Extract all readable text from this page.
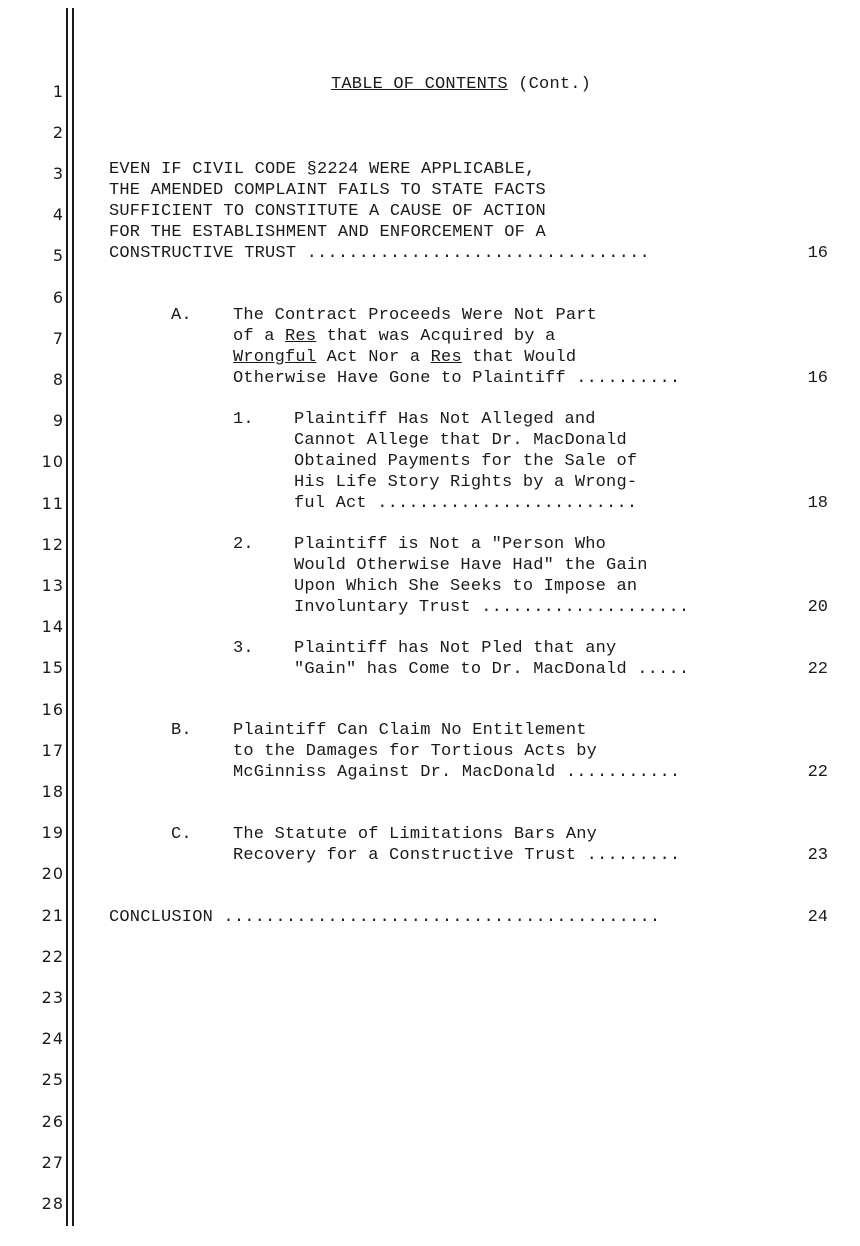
1
2
3
4
5
6
7
8
9
10
11
12
13
14
15
16
17
18
19
20
21
22
23
24
25
26
27
28
TABLE OF CONTENTS (Cont.)
EVEN IF CIVIL CODE §2224 WERE APPLICABLE,
THE AMENDED COMPLAINT FAILS TO STATE FACTS
SUFFICIENT TO CONSTITUTE A CAUSE OF ACTION
FOR THE ESTABLISHMENT AND ENFORCEMENT OF A
CONSTRUCTIVE TRUST .................................	16
A. The Contract Proceeds Were Not Part
of a Res that was Acquired by a
Wrongful Act Nor a Res that Would
Otherwise Have Gone to Plaintiff ..........	16
1. Plaintiff Has Not Alleged and
Cannot Allege that Dr. MacDonald
Obtained Payments for the Sale of
His Life Story Rights by a Wrong-
ful Act .........................	18
2. Plaintiff is Not a "Person Who
Would Otherwise Have Had" the Gain
Upon Which She Seeks to Impose an
Involuntary Trust ....................	20
3. Plaintiff has Not Pled that any
"Gain" has Come to Dr. MacDonald .....	22
B. Plaintiff Can Claim No Entitlement
to the Damages for Tortious Acts by
McGinniss Against Dr. MacDonald ...........	22
C. The Statute of Limitations Bars Any
Recovery for a Constructive Trust .........	23
CONCLUSION ..........................................	24
